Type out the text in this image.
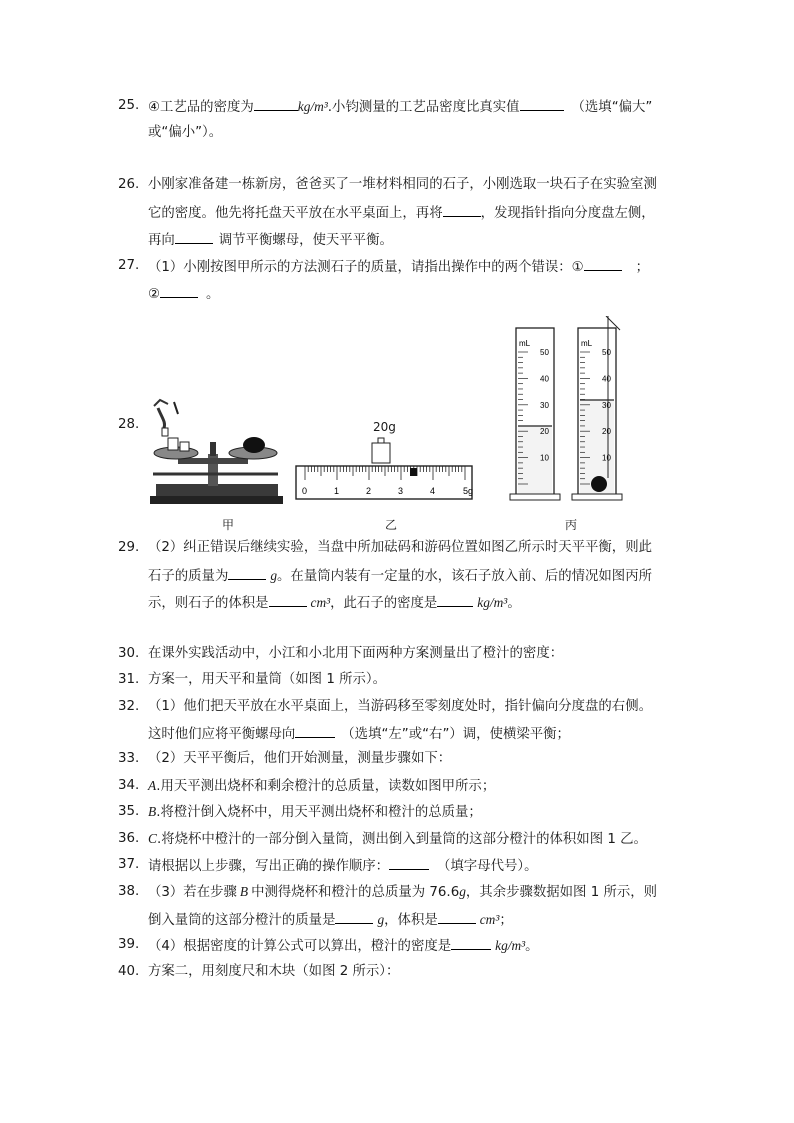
25. ④工艺品的密度为	kg/m³.小钧测量的工艺品密度比真实值	（选填“偏大”
或“偏小”）。
26. 小刚家准备建一栋新房，爸爸买了一堆材料相同的石子，小刚选取一块石子在实验室测
它的密度。他先将托盘天平放在水平桌面上，再将	，发现指针指向分度盘左侧，
再向	调节平衡螺母，使天平平衡。
27. （1）小刚按图甲所示的方法测石子的质量，请指出操作中的两个错误：①	；
②	。
28.	20g
0	1	2	3	4	5g
mL
50
40
30
20
10
mL
50
40
30
20
10
甲	乙	丙
29. （2）纠正错误后继续实验，当盘中所加砝码和游码位置如图乙所示时天平平衡，则此
石子的质量为	g。在量筒内装有一定量的水，该石子放入前、后的情况如图丙所
示，则石子的体积是	cm³，此石子的密度是	kg/m³。
30. 在课外实践活动中，小江和小北用下面两种方案测量出了橙汁的密度：
31. 方案一，用天平和量筒（如图 1 所示）。
32. （1）他们把天平放在水平桌面上，当游码移至零刻度处时，指针偏向分度盘的右侧。
这时他们应将平衡螺母向	（选填“左”或“右”）调，使横梁平衡；
33. （2）天平平衡后，他们开始测量，测量步骤如下：
34. A.用天平测出烧杯和剩余橙汁的总质量，读数如图甲所示；
35. B.将橙汁倒入烧杯中，用天平测出烧杯和橙汁的总质量；
36. C.将烧杯中橙汁的一部分倒入量筒，测出倒入到量筒的这部分橙汁的体积如图 1 乙。
37. 请根据以上步骤，写出正确的操作顺序：	（填字母代号）。
38. （3）若在步骤 B 中测得烧杯和橙汁的总质量为 76.6g，其余步骤数据如图 1 所示，则
倒入量筒的这部分橙汁的质量是	g，体积是	cm³；
39. （4）根据密度的计算公式可以算出，橙汁的密度是	kg/m³。
40. 方案二，用刻度尺和木块（如图 2 所示）：
